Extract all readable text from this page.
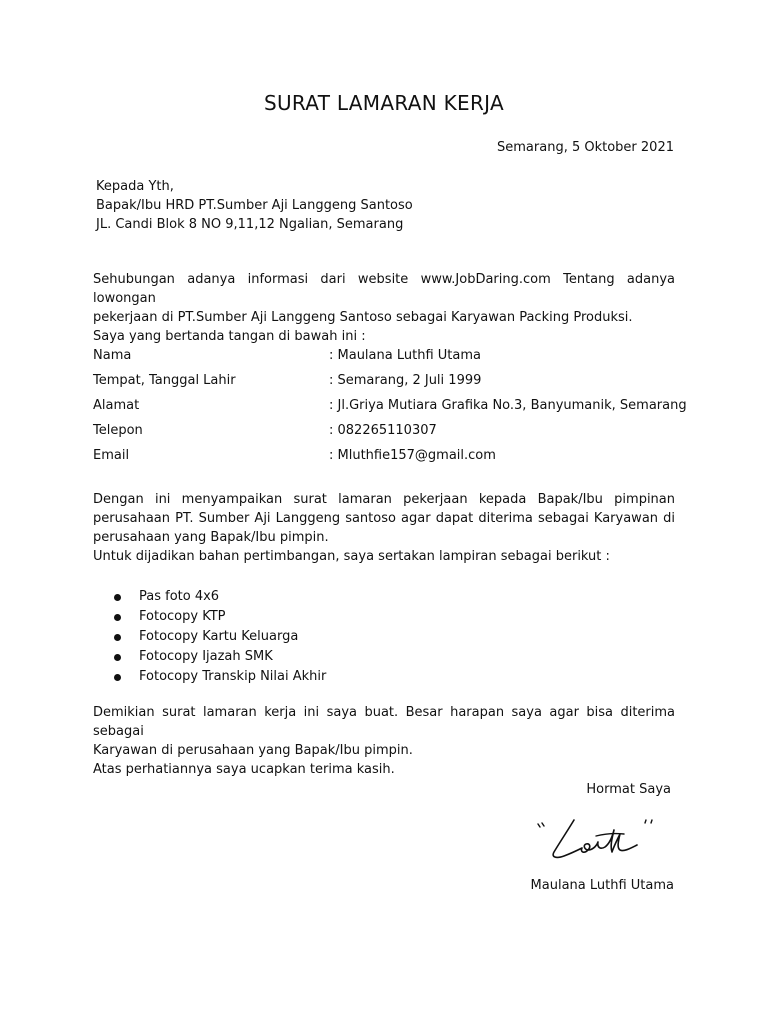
SURAT LAMARAN KERJA
Semarang, 5 Oktober 2021
Kepada Yth,
Bapak/Ibu HRD PT.Sumber Aji Langgeng Santoso
JL. Candi Blok 8 NO 9,11,12 Ngalian, Semarang
Sehubungan adanya informasi dari website www.JobDaring.com Tentang adanya lowongan
pekerjaan di PT.Sumber Aji Langgeng Santoso sebagai Karyawan Packing Produksi.
Saya yang bertanda tangan di bawah ini :
Nama	: Maulana Luthfi Utama
Tempat, Tanggal Lahir	: Semarang, 2 Juli 1999
Alamat	: Jl.Griya Mutiara Grafika No.3, Banyumanik, Semarang
Telepon	: 082265110307
Email	: Mluthfie157@gmail.com
Dengan ini menyampaikan surat lamaran pekerjaan kepada Bapak/Ibu pimpinan
perusahaan PT. Sumber Aji Langgeng santoso agar dapat diterima sebagai Karyawan di
perusahaan yang Bapak/Ibu pimpin.
Untuk dijadikan bahan pertimbangan, saya sertakan lampiran sebagai berikut :
Pas foto 4x6
Fotocopy KTP
Fotocopy Kartu Keluarga
Fotocopy Ijazah SMK
Fotocopy Transkip Nilai Akhir
Demikian surat lamaran kerja ini saya buat. Besar harapan saya agar bisa diterima sebagai
Karyawan di perusahaan yang Bapak/Ibu pimpin.
Atas perhatiannya saya ucapkan terima kasih.
Hormat Saya
Maulana Luthfi Utama
